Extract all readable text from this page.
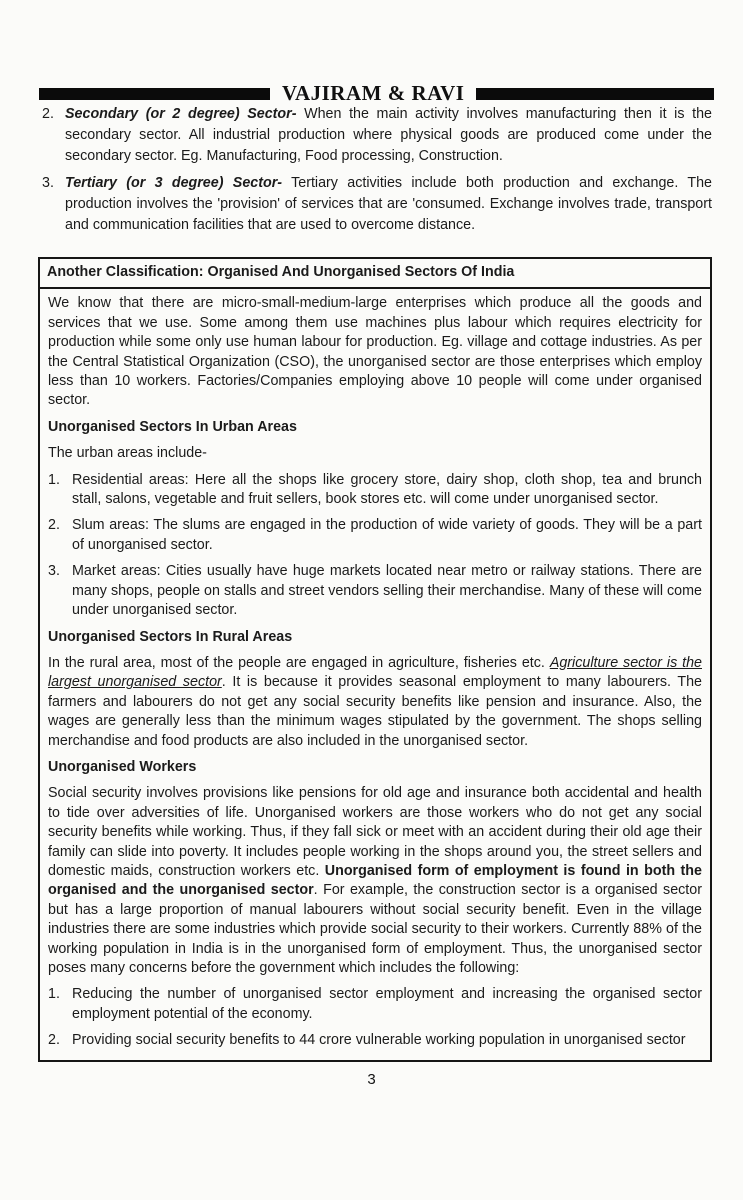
VAJIRAM & RAVI
2. Secondary (or 2 degree) Sector- When the main activity involves manufacturing then it is the secondary sector. All industrial production where physical goods are produced come under the secondary sector. Eg. Manufacturing, Food processing, Construction.
3. Tertiary (or 3 degree) Sector- Tertiary activities include both production and exchange. The production involves the 'provision' of services that are 'consumed. Exchange involves trade, transport and communication facilities that are used to overcome distance.
Another Classification: Organised And Unorganised Sectors Of India

We know that there are micro-small-medium-large enterprises which produce all the goods and services that we use. Some among them use machines plus labour which requires electricity for production while some only use human labour for production. Eg. village and cottage industries. As per the Central Statistical Organization (CSO), the unorganised sector are those enterprises which employ less than 10 workers. Factories/Companies employing above 10 people will come under organised sector.

Unorganised Sectors In Urban Areas

The urban areas include-

1. Residential areas: Here all the shops like grocery store, dairy shop, cloth shop, tea and brunch stall, salons, vegetable and fruit sellers, book stores etc. will come under unorganised sector.
2. Slum areas: The slums are engaged in the production of wide variety of goods. They will be a part of unorganised sector.
3. Market areas: Cities usually have huge markets located near metro or railway stations. There are many shops, people on stalls and street vendors selling their merchandise. Many of these will come under unorganised sector.
Unorganised Sectors In Rural Areas

In the rural area, most of the people are engaged in agriculture, fisheries etc. Agriculture sector is the largest unorganised sector. It is because it provides seasonal employment to many labourers. The farmers and labourers do not get any social security benefits like pension and insurance. Also, the wages are generally less than the minimum wages stipulated by the government. The shops selling merchandise and food products are also included in the unorganised sector.

Unorganised Workers

Social security involves provisions like pensions for old age and insurance both accidental and health to tide over adversities of life. Unorganised workers are those workers who do not get any social security benefits while working. Thus, if they fall sick or meet with an accident during their old age their family can slide into poverty. It includes people working in the shops around you, the street sellers and domestic maids, construction workers etc. Unorganised form of employment is found in both the organised and the unorganised sector. For example, the construction sector is a organised sector but has a large proportion of manual labourers without social security benefit. Even in the village industries there are some industries which provide social security to their workers. Currently 88% of the working population in India is in the unorganised form of employment. Thus, the unorganised sector poses many concerns before the government which includes the following:

1. Reducing the number of unorganised sector employment and increasing the organised sector employment potential of the economy.
2. Providing social security benefits to 44 crore vulnerable working population in unorganised sector
3
